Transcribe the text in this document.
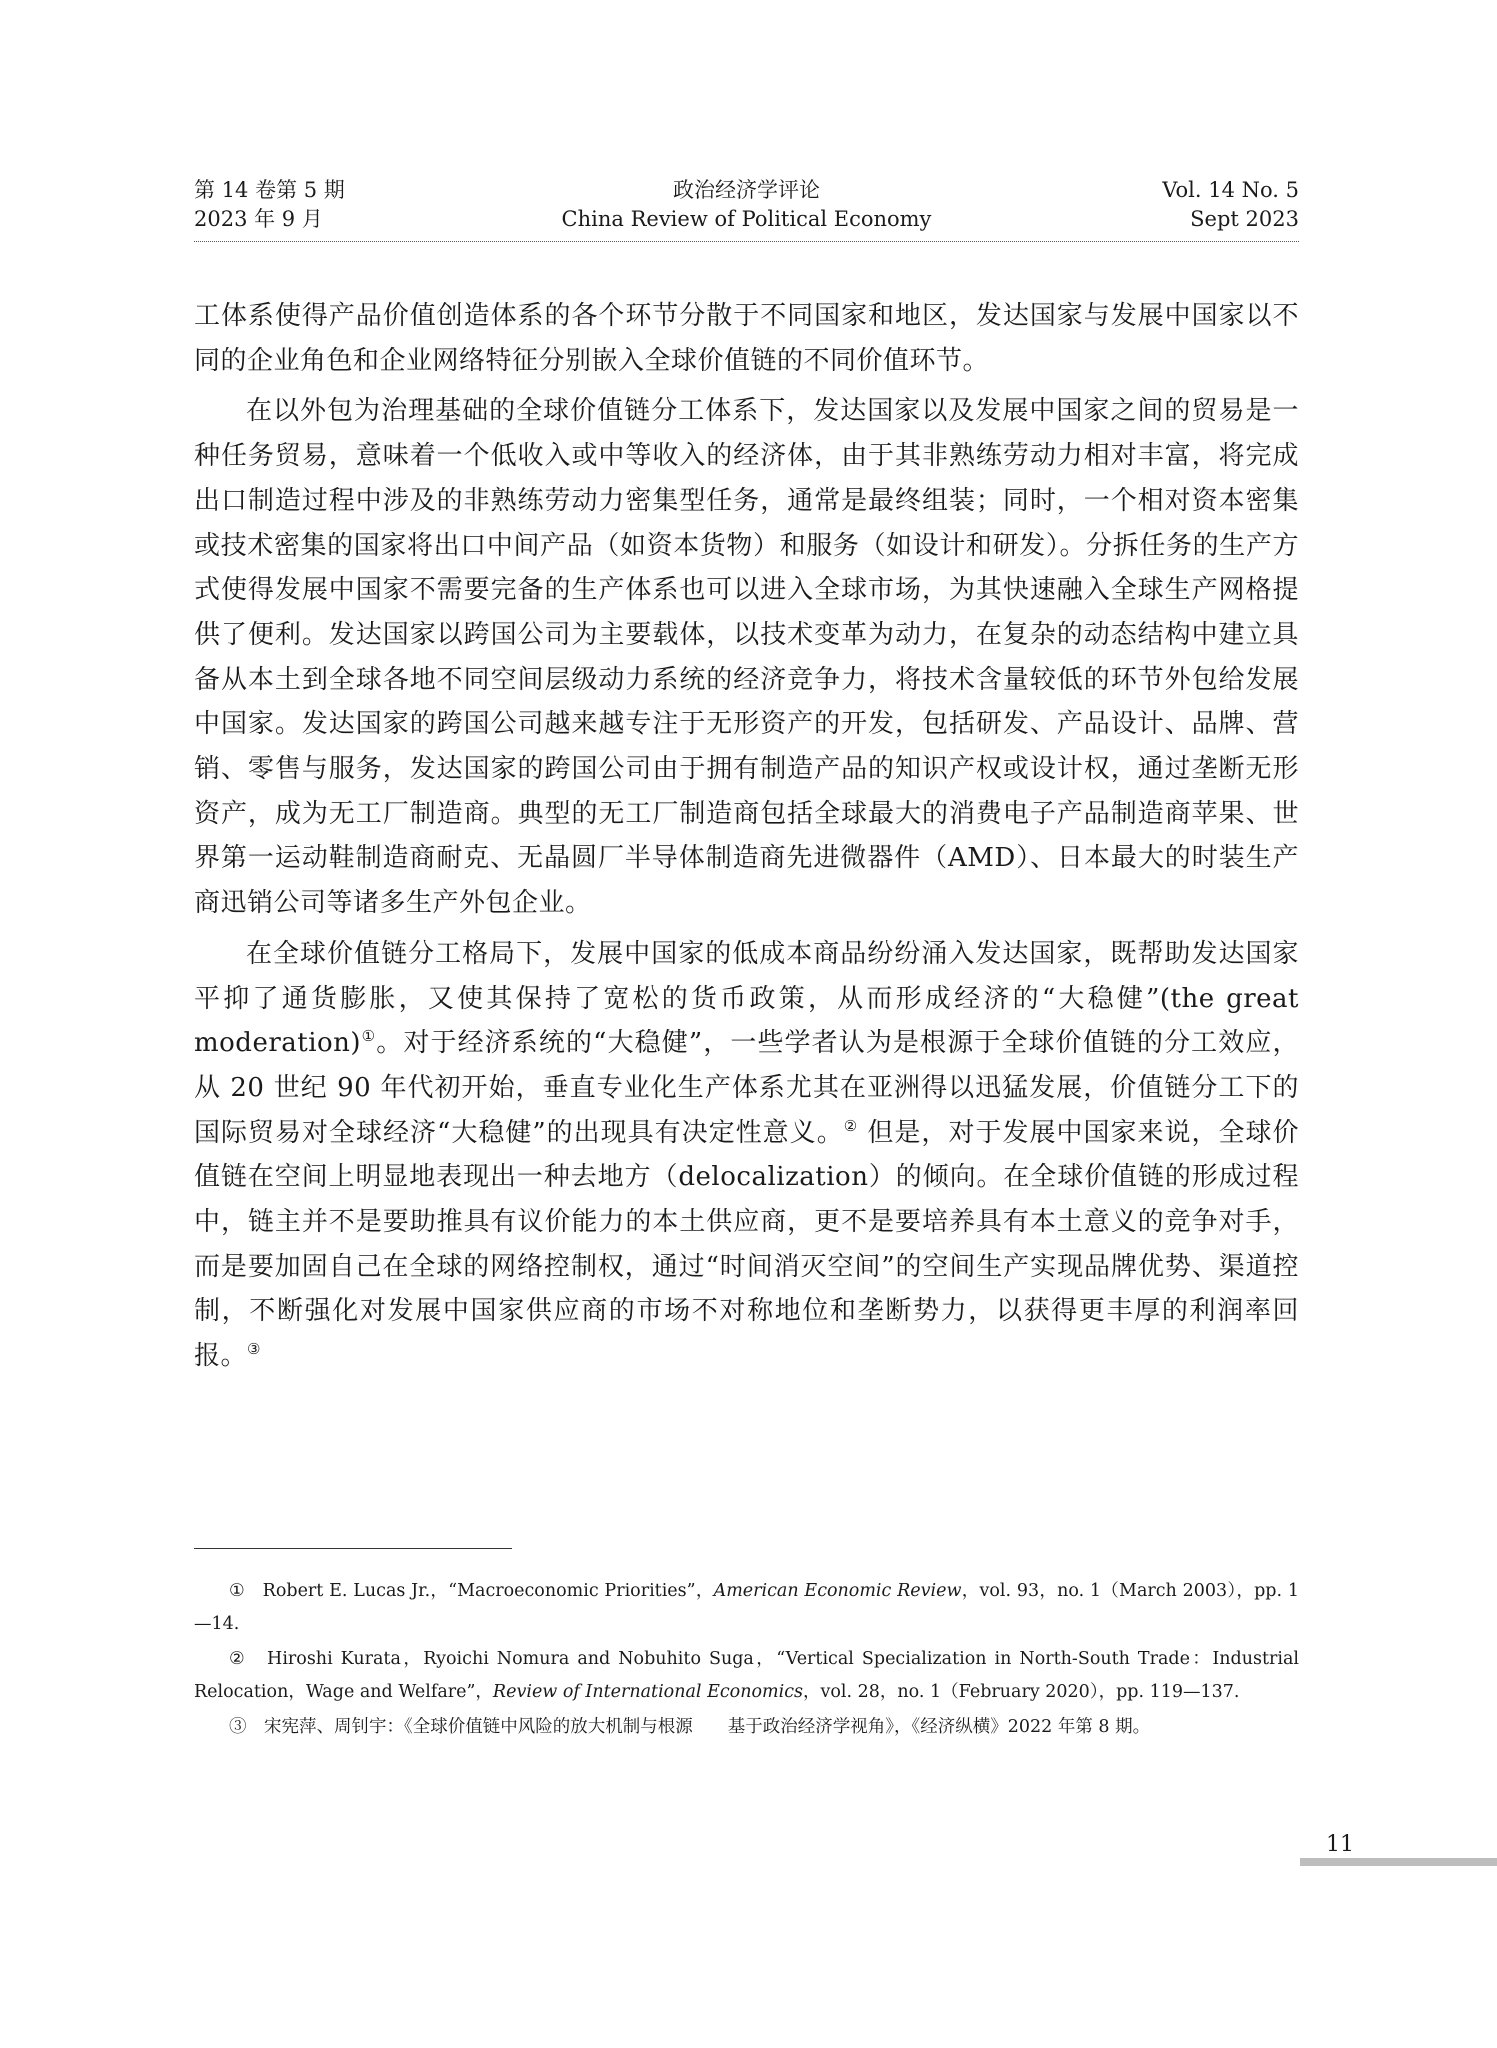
第 14 卷第 5 期
2023 年 9 月
政治经济学评论
China Review of Political Economy
Vol. 14 No. 5
Sept 2023

工体系使得产品价值创造体系的各个环节分散于不同国家和地区，发达国家与发展中国家以不同的企业角色和企业网络特征分别嵌入全球价值链的不同价值环节。

在以外包为治理基础的全球价值链分工体系下，发达国家以及发展中国家之间的贸易是一种任务贸易，意味着一个低收入或中等收入的经济体，由于其非熟练劳动力相对丰富，将完成出口制造过程中涉及的非熟练劳动力密集型任务，通常是最终组装；同时，一个相对资本密集或技术密集的国家将出口中间产品（如资本货物）和服务（如设计和研发）。分拆任务的生产方式使得发展中国家不需要完备的生产体系也可以进入全球市场，为其快速融入全球生产网格提供了便利。发达国家以跨国公司为主要载体，以技术变革为动力，在复杂的动态结构中建立具备从本土到全球各地不同空间层级动力系统的经济竞争力，将技术含量较低的环节外包给发展中国家。发达国家的跨国公司越来越专注于无形资产的开发，包括研发、产品设计、品牌、营销、零售与服务，发达国家的跨国公司由于拥有制造产品的知识产权或设计权，通过垄断无形资产，成为无工厂制造商。典型的无工厂制造商包括全球最大的消费电子产品制造商苹果、世界第一运动鞋制造商耐克、无晶圆厂半导体制造商先进微器件（AMD）、日本最大的时装生产商迅销公司等诸多生产外包企业。

在全球价值链分工格局下，发展中国家的低成本商品纷纷涌入发达国家，既帮助发达国家平抑了通货膨胀，又使其保持了宽松的货币政策，从而形成经济的“大稳健”(the great moderation)①。对于经济系统的“大稳健”，一些学者认为是根源于全球价值链的分工效应，从 20 世纪 90 年代初开始，垂直专业化生产体系尤其在亚洲得以迅猛发展，价值链分工下的国际贸易对全球经济“大稳健”的出现具有决定性意义。② 但是，对于发展中国家来说，全球价值链在空间上明显地表现出一种去地方（delocalization）的倾向。在全球价值链的形成过程中，链主并不是要助推具有议价能力的本土供应商，更不是要培养具有本土意义的竞争对手，而是要加固自己在全球的网络控制权，通过“时间消灭空间”的空间生产实现品牌优势、渠道控制，不断强化对发展中国家供应商的市场不对称地位和垄断势力，以获得更丰厚的利润率回报。③

①　Robert E. Lucas Jr.，“Macroeconomic Priorities”，American Economic Review，vol. 93，no. 1（March 2003），pp. 1—14.

②　Hiroshi Kurata，Ryoichi Nomura and Nobuhito Suga，“Vertical Specialization in North-South Trade：Industrial Relocation，Wage and Welfare”，Review of International Economics，vol. 28，no. 1（February 2020），pp. 119—137.

③　宋宪萍、周钊宇：《全球价值链中风险的放大机制与根源　　基于政治经济学视角》，《经济纵横》2022 年第 8 期。

11
